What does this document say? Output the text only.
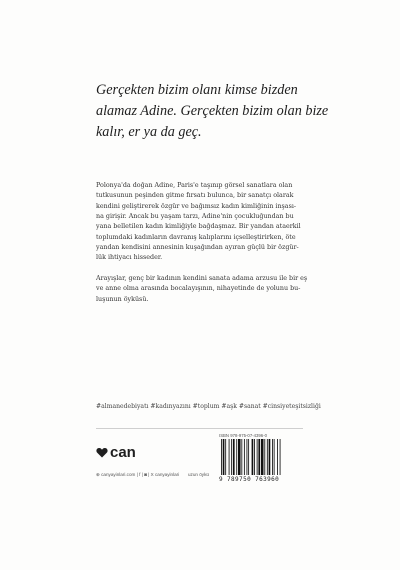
Gerçekten bizim olanı kimse bizden
alamaz Adine. Gerçekten bizim olan bize
kalır, er ya da geç.
Polonya'da doğan Adine, Paris'e taşınıp görsel sanatlara olan
tutkusunun peşinden gitme fırsatı bulunca, bir sanatçı olarak
kendini geliştirerek özgür ve bağımsız kadın kimliğinin inşası-
na girişir. Ancak bu yaşam tarzı, Adine'nin çocukluğundan bu
yana belletilen kadın kimliğiyle bağdaşmaz. Bir yandan ataerkil
toplumdaki kadınların davranış kalıplarını içselleştirirken, öte
yandan kendisini annesinin kuşağından ayıran güçlü bir özgür-
lük ihtiyacı hisseder.
Arayışlar, genç bir kadının kendini sanata adama arzusu ile bir eş
ve anne olma arasında bocalayışının, nihayetinde de yolunu bu-
luşunun öyküsü.
#almanedebiyatı #kadınyazını #toplum #aşk #sanat #cinsiyeteşitsizliği
can
⊕ canyayinlari.com | f | ◙ | X canyayinlari uzun öykü
ISBN 978-975-07-4396-0
9 789750 763960
